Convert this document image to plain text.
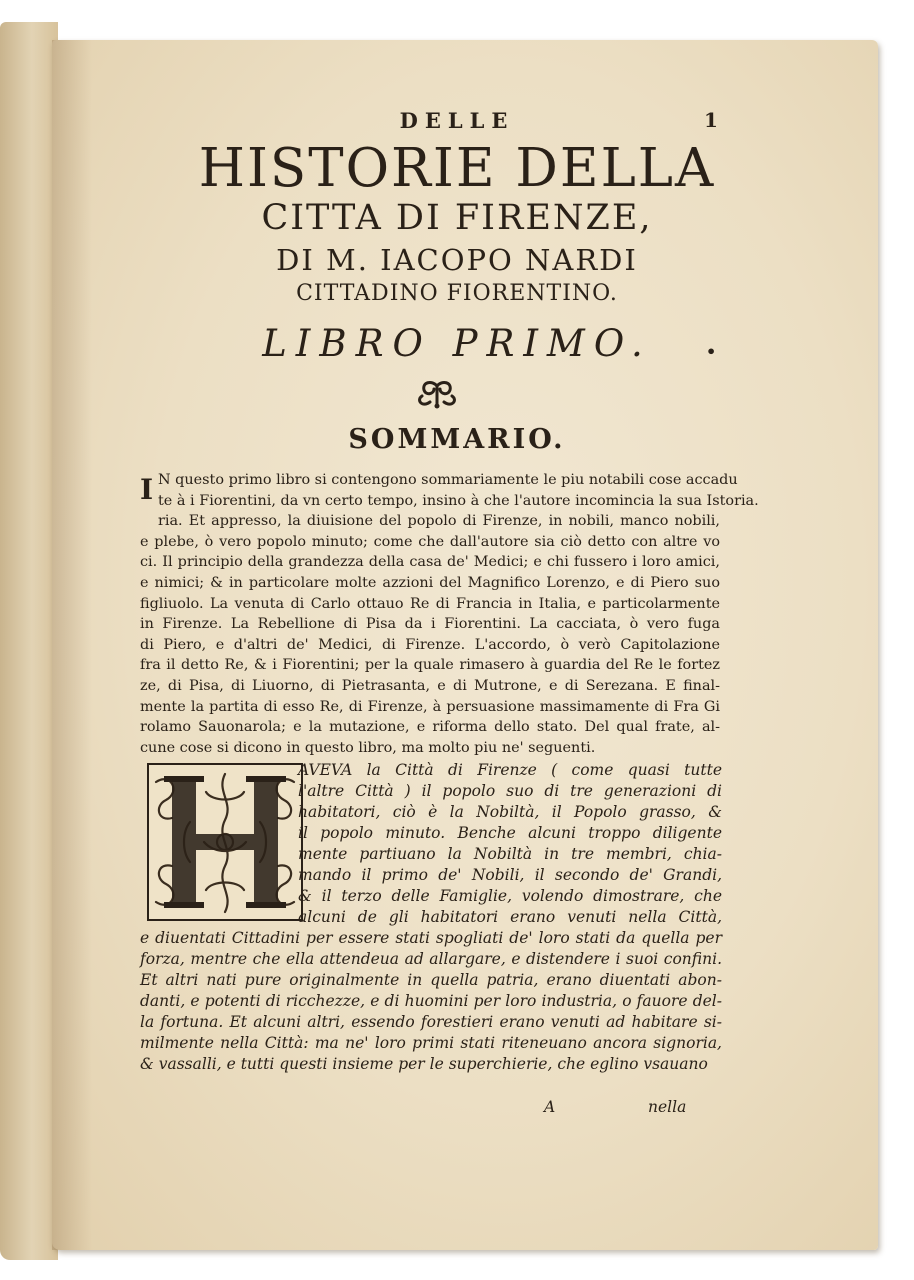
1
DELLE
HISTORIE DELLA
CITTA DI FIRENZE,
DI M. IACOPO NARDI
CITTADINO FIORENTINO.
LIBRO PRIMO.	•
SOMMARIO.
I N questo primo libro si contengono sommariamente le piu notabili cose accadu
te à i Fiorentini, da vn certo tempo, insino à che l'autore incomincia la sua Istoria.
ria. Et appresso, la diuisione del popolo di Firenze, in nobili, manco nobili,
e plebe, ò vero popolo minuto; come che dall'autore sia ciò detto con altre vo
ci. Il principio della grandezza della casa de' Medici; e chi fussero i loro amici,
e nimici; & in particolare molte azzioni del Magnifico Lorenzo, e di Piero suo
figliuolo. La venuta di Carlo ottauo Re di Francia in Italia, e particolarmente
in Firenze. La Rebellione di Pisa da i Fiorentini. La cacciata, ò vero fuga
di Piero, e d'altri de' Medici, di Firenze. L'accordo, ò verò Capitolazione
fra il detto Re, & i Fiorentini; per la quale rimasero à guardia del Re le fortez
ze, di Pisa, di Liuorno, di Pietrasanta, e di Mutrone, e di Serezana. E final-
mente la partita di esso Re, di Firenze, à persuasione massimamente di Fra Gi
rolamo Sauonarola; e la mutazione, e riforma dello stato. Del qual frate, al-
cune cose si dicono in questo libro, ma molto piu ne' seguenti.
H	AVEVA la Città di Firenze ( come quasi tutte
l'altre Città ) il popolo suo di tre generazioni di
habitatori, ciò è la Nobiltà, il Popolo grasso, &
il popolo minuto. Benche alcuni troppo diligente
mente partiuano la Nobiltà in tre membri, chia-
mando il primo de' Nobili, il secondo de' Grandi,
& il terzo delle Famiglie, volendo dimostrare, che
alcuni de gli habitatori erano venuti nella Città,
e diuentati Cittadini per essere stati spogliati de' loro stati da quella per
forza, mentre che ella attendeua ad allargare, e distendere i suoi confini.
Et altri nati pure originalmente in quella patria, erano diuentati abon-
danti, e potenti di ricchezze, e di huomini per loro industria, o fauore del-
la fortuna. Et alcuni altri, essendo forestieri erano venuti ad habitare si-
milmente nella Città: ma ne' loro primi stati riteneuano ancora signoria,
& vassalli, e tutti questi insieme per le superchierie, che eglino vsauano
A	nella
